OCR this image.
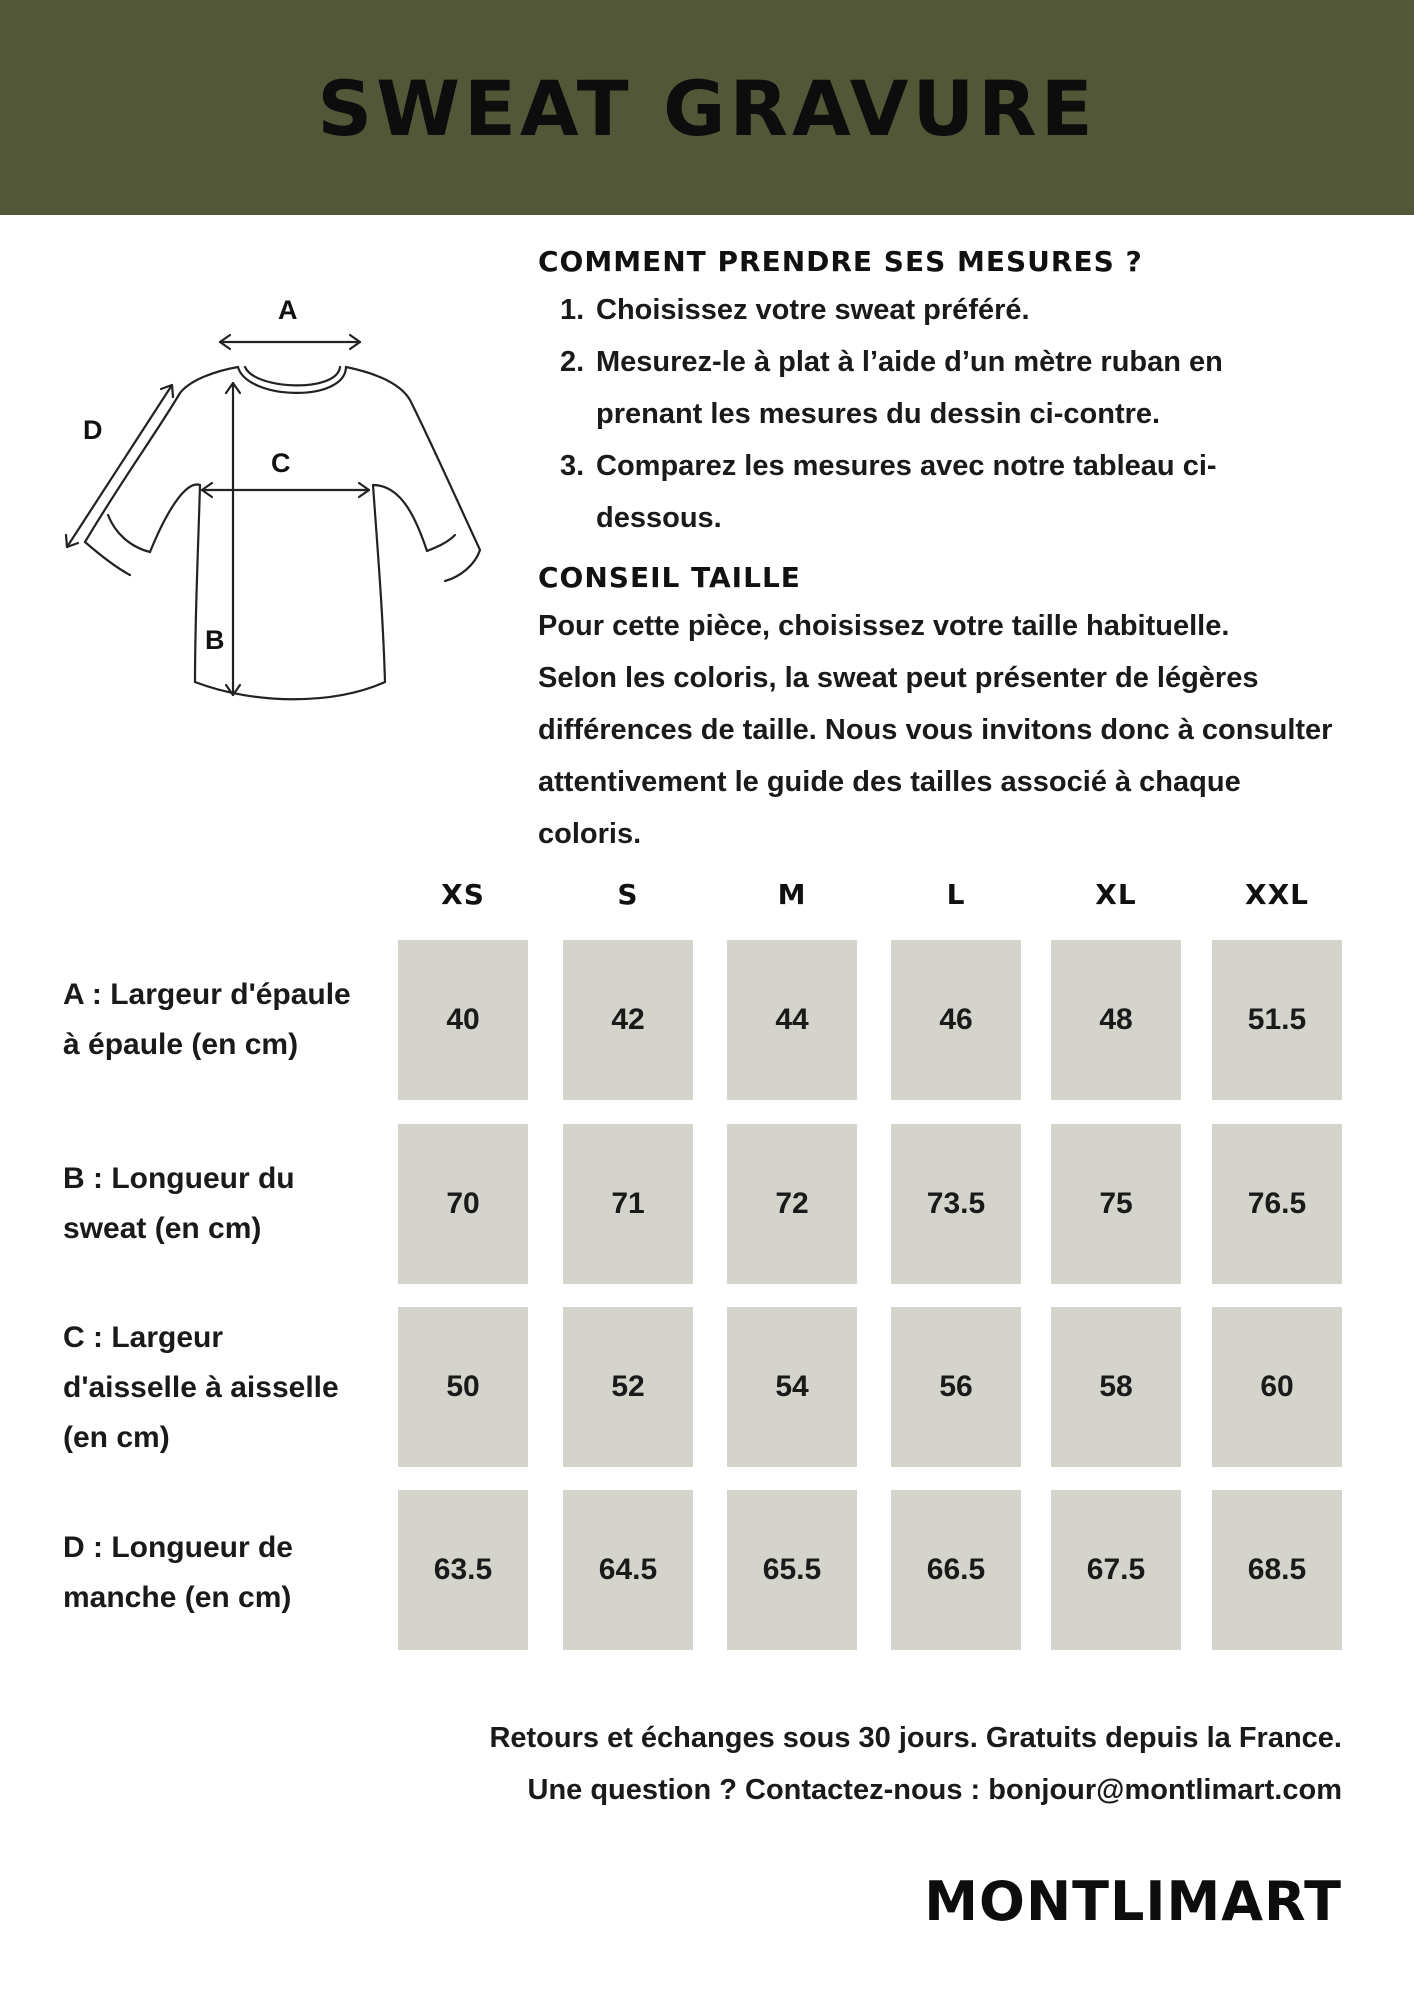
SWEAT GRAVURE
A
D
C
B
COMMENT PRENDRE SES MESURES ?
1. Choisissez votre sweat préféré.
2. Mesurez-le à plat à l’aide d’un mètre ruban en
prenant les mesures du dessin ci-contre.
3. Comparez les mesures avec notre tableau ci-
dessous.
CONSEIL TAILLE

Pour cette pièce, choisissez votre taille habituelle.
Selon les coloris, la sweat peut présenter de légères
différences de taille. Nous vous invitons donc à consulter
attentivement le guide des tailles associé à chaque
coloris.

XS	S	M	L	XL	XXL
A : Largeur d'épaule
à épaule (en cm)
40	42	44	46	48	51.5
B : Longueur du
sweat (en cm)
70	71	72	73.5	75	76.5
C : Largeur
d'aisselle à aisselle
(en cm)
50	52	54	56	58	60
D : Longueur de
manche (en cm)
63.5	64.5	65.5	66.5	67.5	68.5
Retours et échanges sous 30 jours. Gratuits depuis la France.
Une question ? Contactez-nous : bonjour@montlimart.com
MONTLIMART
